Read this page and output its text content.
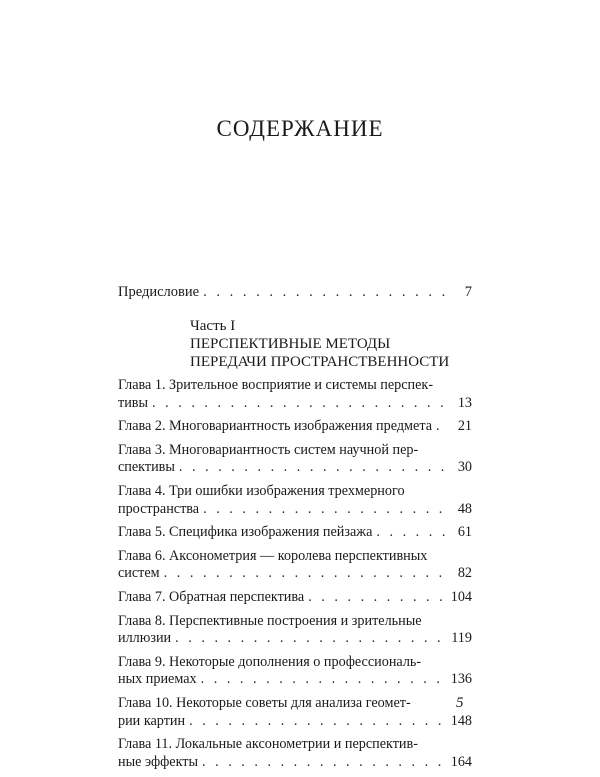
СОДЕРЖАНИЕ
Предисловие . . .	7
Часть I
ПЕРСПЕКТИВНЫЕ МЕТОДЫ
ПЕРЕДАЧИ ПРОСТРАНСТВЕННОСТИ
Глава 1. Зрительное восприятие и системы перспек-
тивы . . .	13
Глава 2. Многовариантность изображения предмета . . .	21
Глава 3. Многовариантность систем научной пер-
спективы . . .	30
Глава 4. Три ошибки изображения трехмерного
пространства . . .	48
Глава 5. Специфика изображения пейзажа . . .	61
Глава 6. Аксонометрия — королева перспективных
систем . . .	82
Глава 7. Обратная перспектива . . .	104
Глава 8. Перспективные построения и зрительные
иллюзии . . .	119
Глава 9. Некоторые дополнения о профессиональ-
ных приемах . . .	136
Глава 10. Некоторые советы для анализа геомет-
рии картин . . .	148
Глава 11. Локальные аксонометрии и перспектив-
ные эффекты . . .	164
5
